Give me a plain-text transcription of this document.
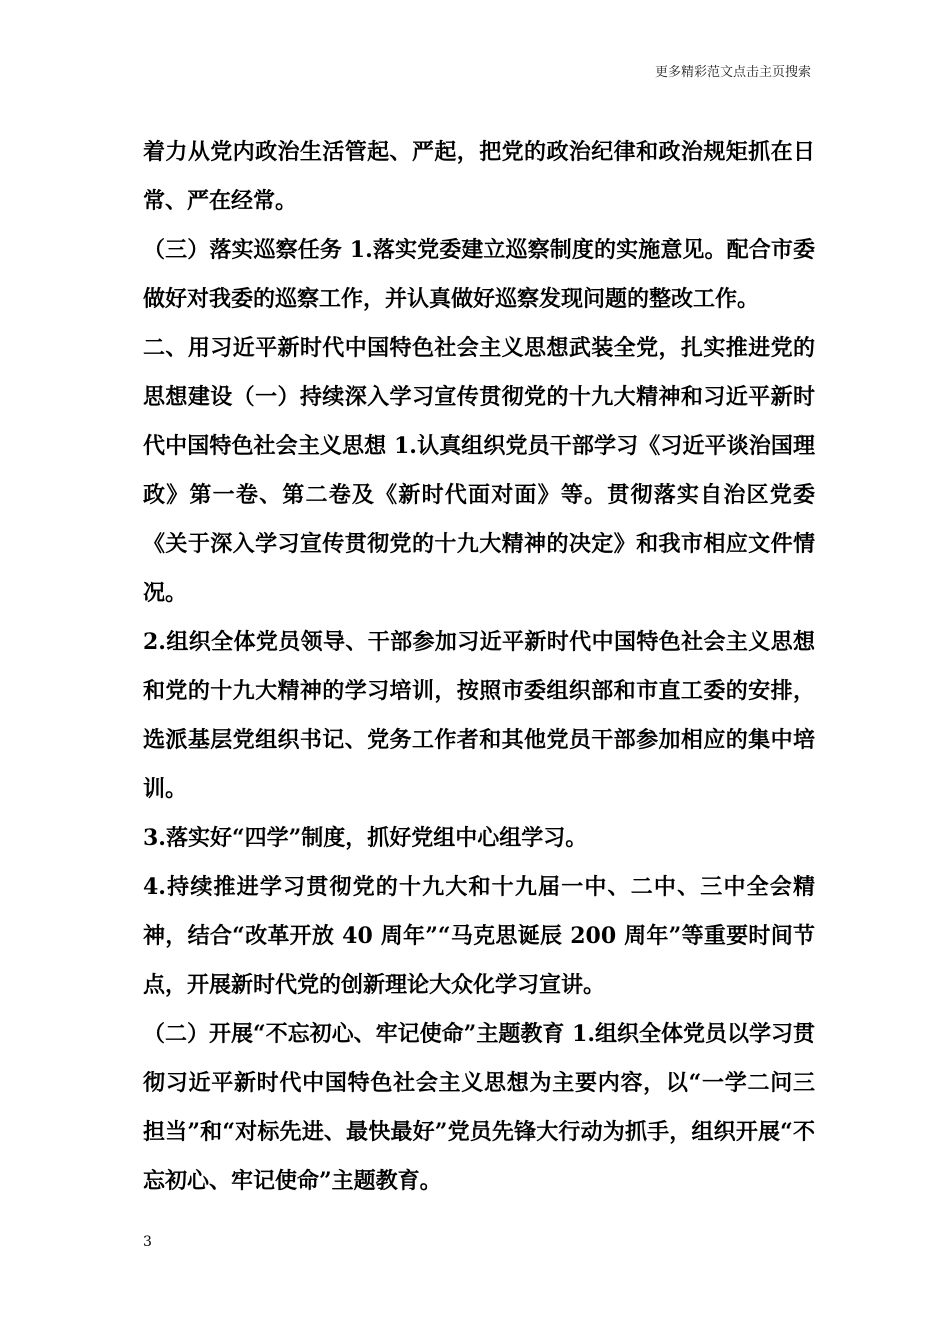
更多精彩范文点击主页搜索

着力从党内政治生活管起、严起，把党的政治纪律和政治规矩抓在日常、严在经常。

（三）落实巡察任务 1.落实党委建立巡察制度的实施意见。配合市委做好对我委的巡察工作，并认真做好巡察发现问题的整改工作。

二、用习近平新时代中国特色社会主义思想武装全党，扎实推进党的思想建设（一）持续深入学习宣传贯彻党的十九大精神和习近平新时代中国特色社会主义思想 1.认真组织党员干部学习《习近平谈治国理政》第一卷、第二卷及《新时代面对面》等。贯彻落实自治区党委《关于深入学习宣传贯彻党的十九大精神的决定》和我市相应文件情况。

2.组织全体党员领导、干部参加习近平新时代中国特色社会主义思想和党的十九大精神的学习培训，按照市委组织部和市直工委的安排，选派基层党组织书记、党务工作者和其他党员干部参加相应的集中培训。

3.落实好“四学”制度，抓好党组中心组学习。

4.持续推进学习贯彻党的十九大和十九届一中、二中、三中全会精神，结合“改革开放 40 周年”“马克思诞辰 200 周年”等重要时间节点，开展新时代党的创新理论大众化学习宣讲。

（二）开展“不忘初心、牢记使命”主题教育 1.组织全体党员以学习贯彻习近平新时代中国特色社会主义思想为主要内容，以“一学二问三担当”和“对标先进、最快最好”党员先锋大行动为抓手，组织开展“不忘初心、牢记使命”主题教育。

3
